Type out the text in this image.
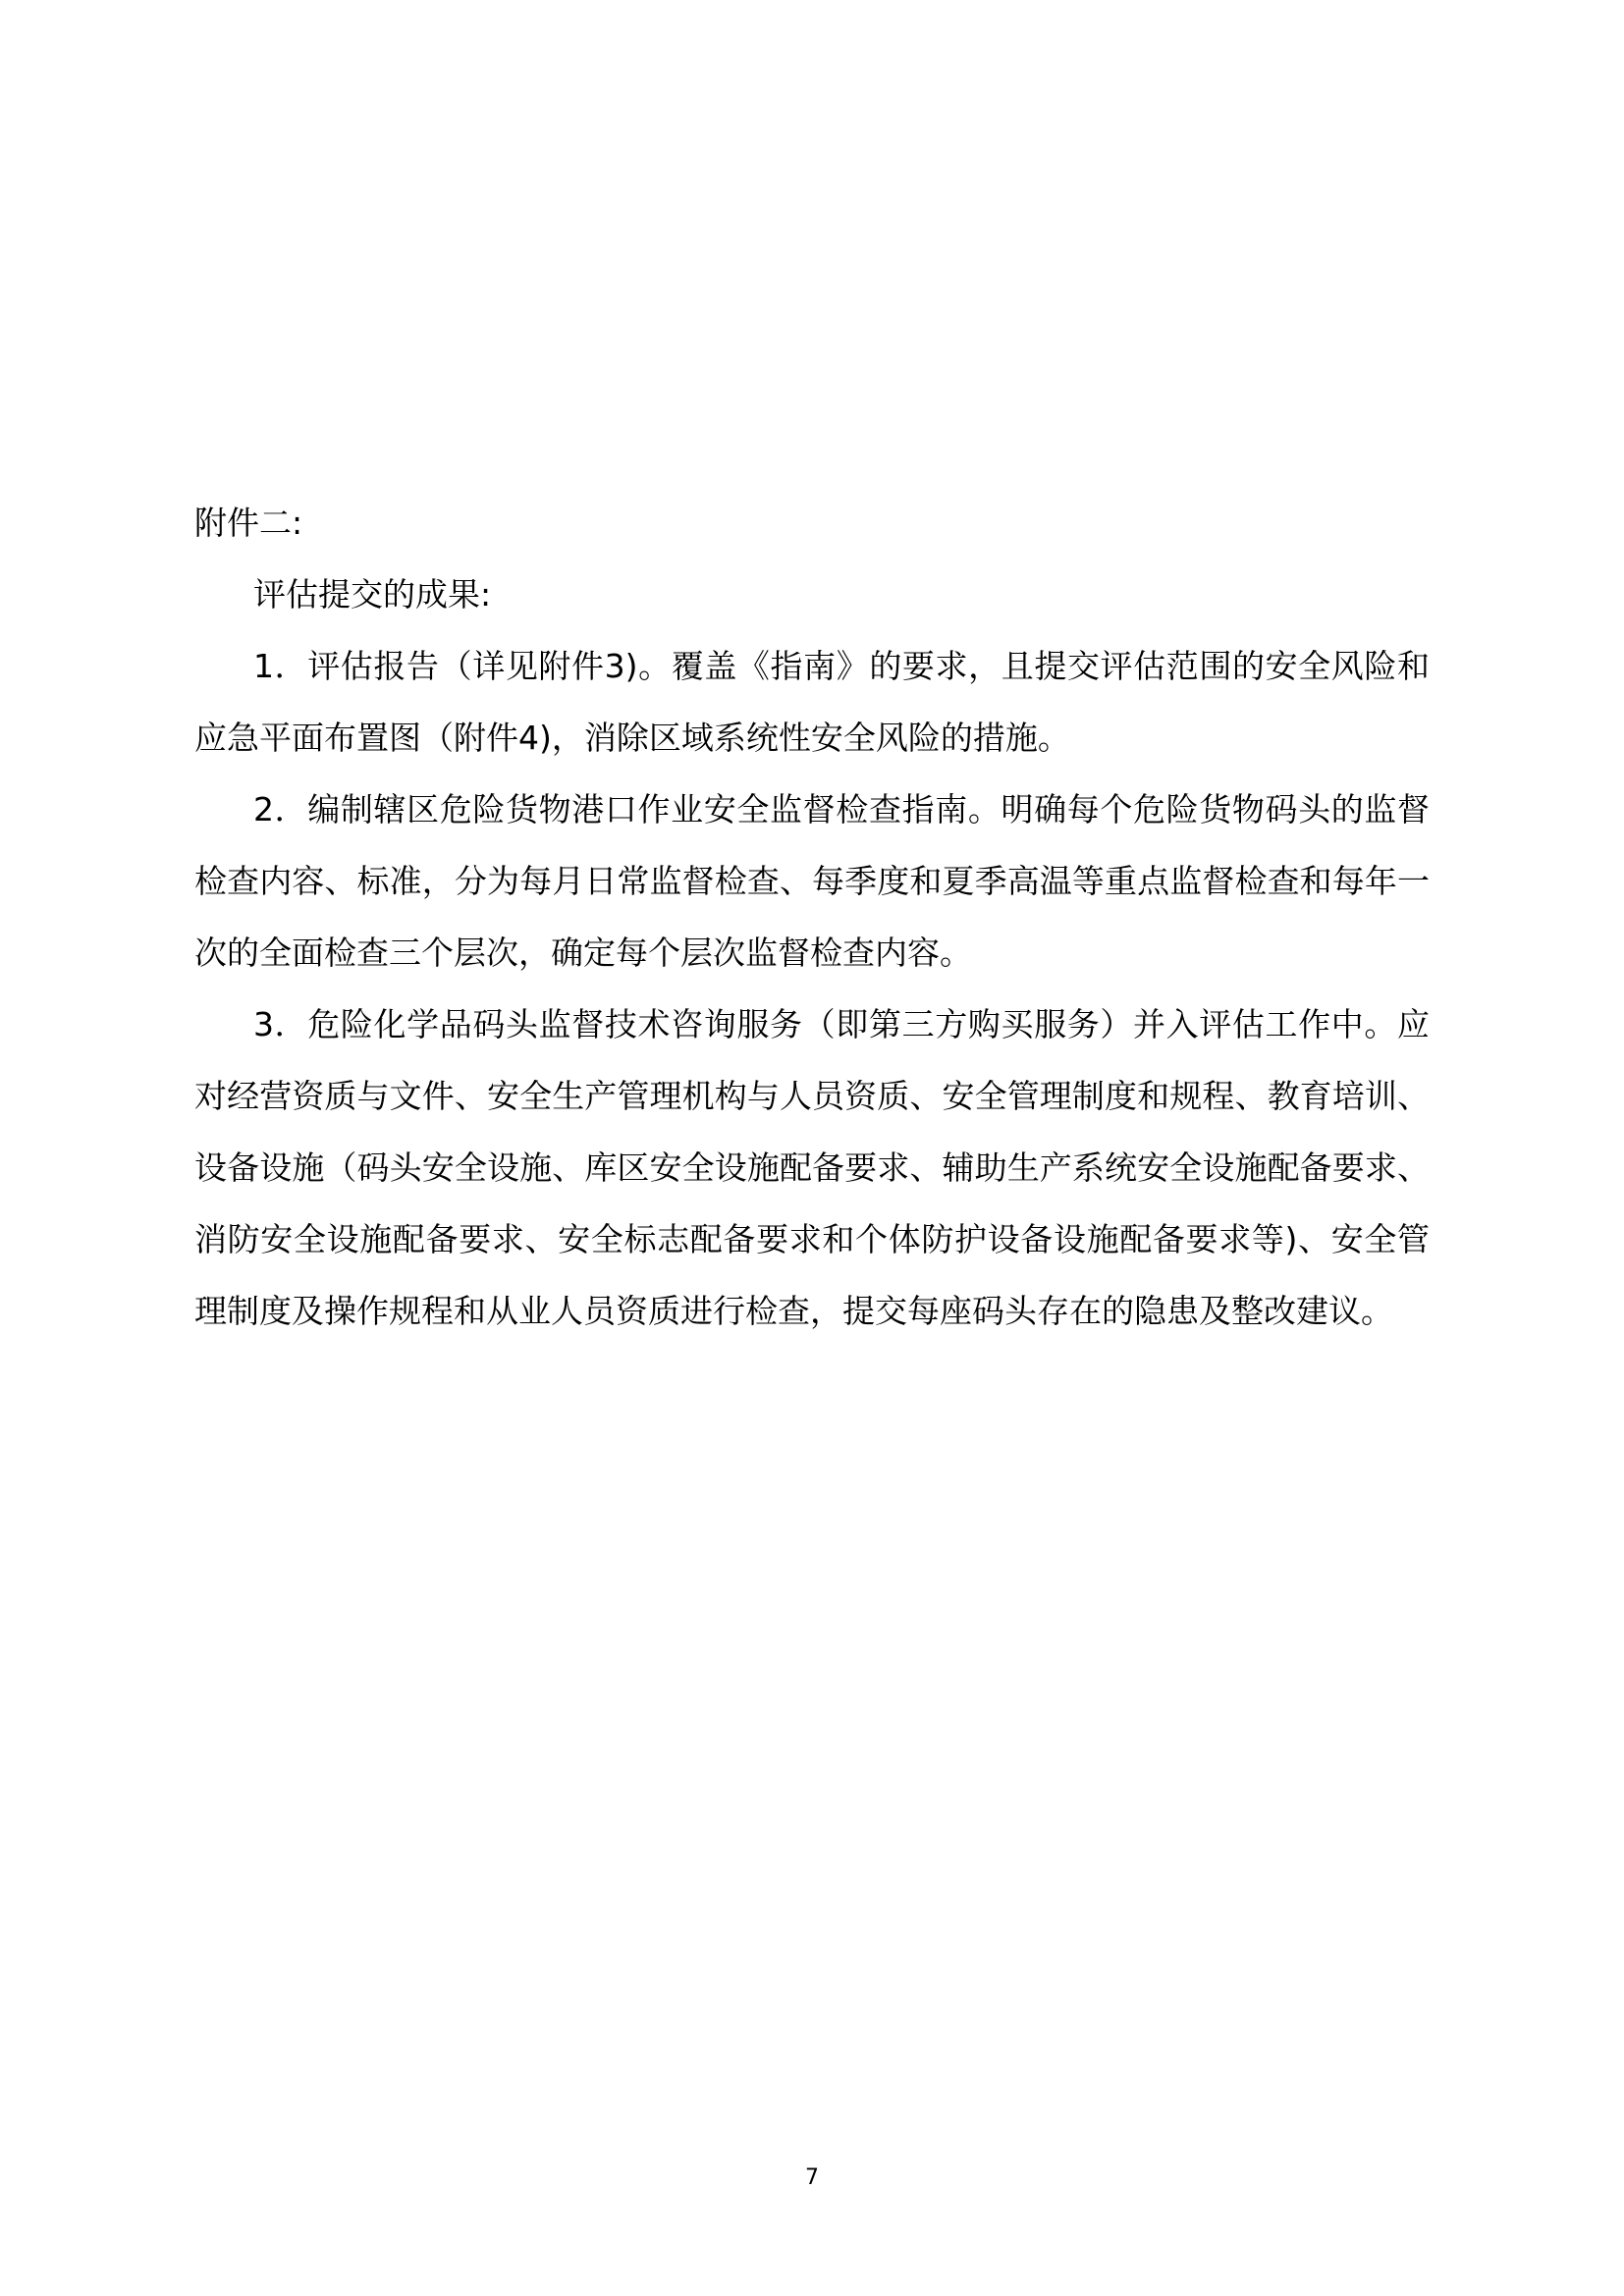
附件二:

评估提交的成果:

1．评估报告（详见附件3)。覆盖《指南》的要求，且提交评估范围的安全风险和应急平面布置图（附件4)，消除区域系统性安全风险的措施。

2．编制辖区危险货物港口作业安全监督检查指南。明确每个危险货物码头的监督检查内容、标准，分为每月日常监督检查、每季度和夏季高温等重点监督检查和每年一次的全面检查三个层次，确定每个层次监督检查内容。

3．危险化学品码头监督技术咨询服务（即第三方购买服务）并入评估工作中。应对经营资质与文件、安全生产管理机构与人员资质、安全管理制度和规程、教育培训、设备设施（码头安全设施、库区安全设施配备要求、辅助生产系统安全设施配备要求、消防安全设施配备要求、安全标志配备要求和个体防护设备设施配备要求等)、安全管理制度及操作规程和从业人员资质进行检查，提交每座码头存在的隐患及整改建议。

7
